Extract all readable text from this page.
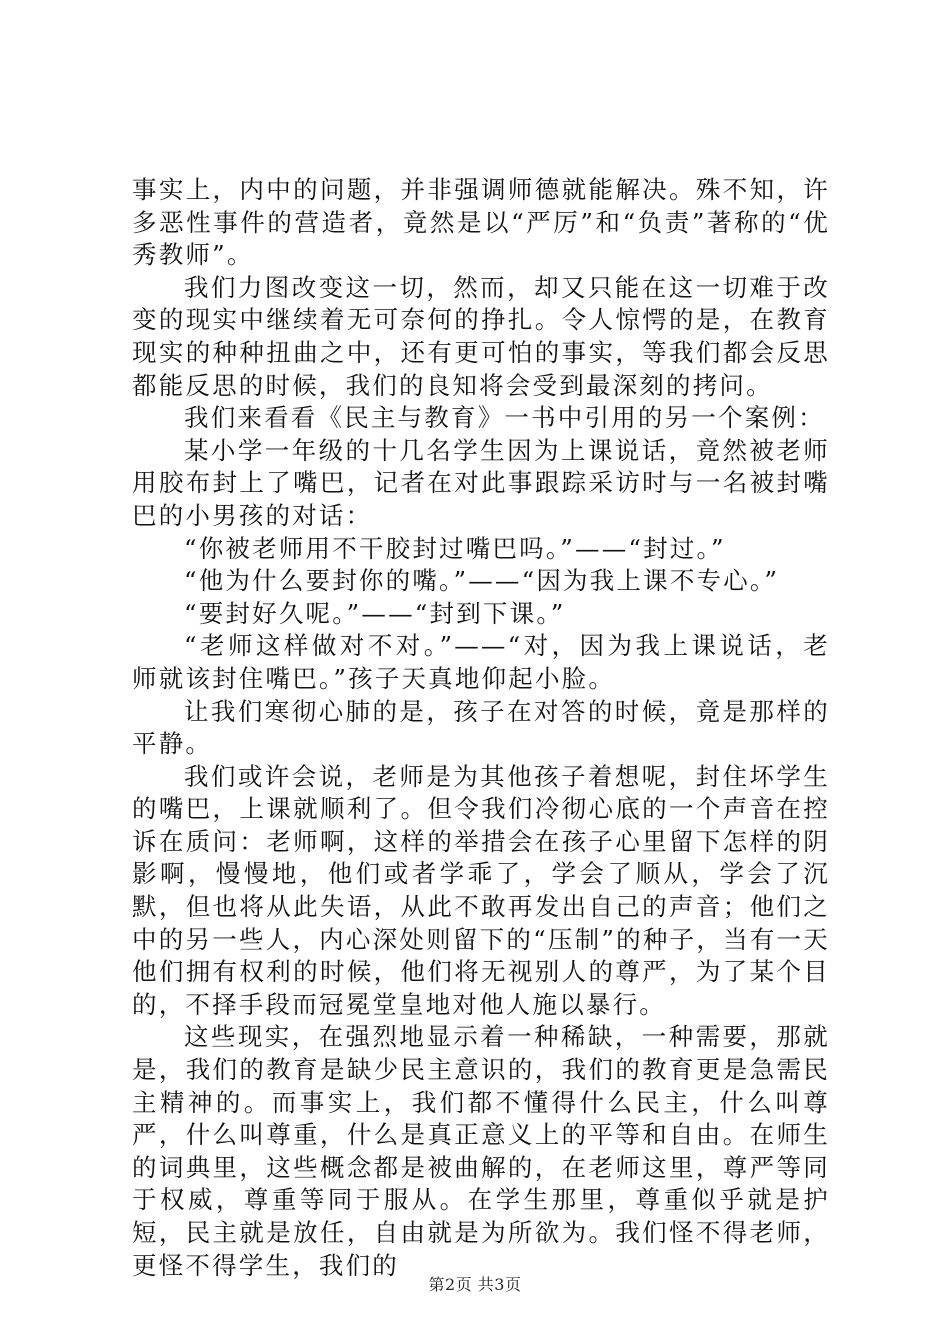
事实上，内中的问题，并非强调师德就能解决。殊不知，许多恶性事件的营造者，竟然是以“严厉”和“负责”著称的“优秀教师”。

我们力图改变这一切，然而，却又只能在这一切难于改变的现实中继续着无可奈何的挣扎。令人惊愕的是，在教育现实的种种扭曲之中，还有更可怕的事实，等我们都会反思都能反思的时候，我们的良知将会受到最深刻的拷问。

我们来看看《民主与教育》一书中引用的另一个案例：

某小学一年级的十几名学生因为上课说话，竟然被老师用胶布封上了嘴巴，记者在对此事跟踪采访时与一名被封嘴巴的小男孩的对话：

“你被老师用不干胶封过嘴巴吗。”——“封过。”

“他为什么要封你的嘴。”——“因为我上课不专心。”

“要封好久呢。”——“封到下课。”

“老师这样做对不对。”——“对，因为我上课说话，老师就该封住嘴巴。”孩子天真地仰起小脸。

让我们寒彻心肺的是，孩子在对答的时候，竟是那样的平静。

我们或许会说，老师是为其他孩子着想呢，封住坏学生的嘴巴，上课就顺利了。但令我们冷彻心底的一个声音在控诉在质问：老师啊，这样的举措会在孩子心里留下怎样的阴影啊，慢慢地，他们或者学乖了，学会了顺从，学会了沉默，但也将从此失语，从此不敢再发出自己的声音；他们之中的另一些人，内心深处则留下的“压制”的种子，当有一天他们拥有权利的时候，他们将无视别人的尊严，为了某个目的，不择手段而冠冕堂皇地对他人施以暴行。

这些现实，在强烈地显示着一种稀缺，一种需要，那就是，我们的教育是缺少民主意识的，我们的教育更是急需民主精神的。而事实上，我们都不懂得什么民主，什么叫尊严，什么叫尊重，什么是真正意义上的平等和自由。在师生的词典里，这些概念都是被曲解的，在老师这里，尊严等同于权威，尊重等同于服从。在学生那里，尊重似乎就是护短，民主就是放任，自由就是为所欲为。我们怪不得老师，更怪不得学生，我们的

第2页 共3页
